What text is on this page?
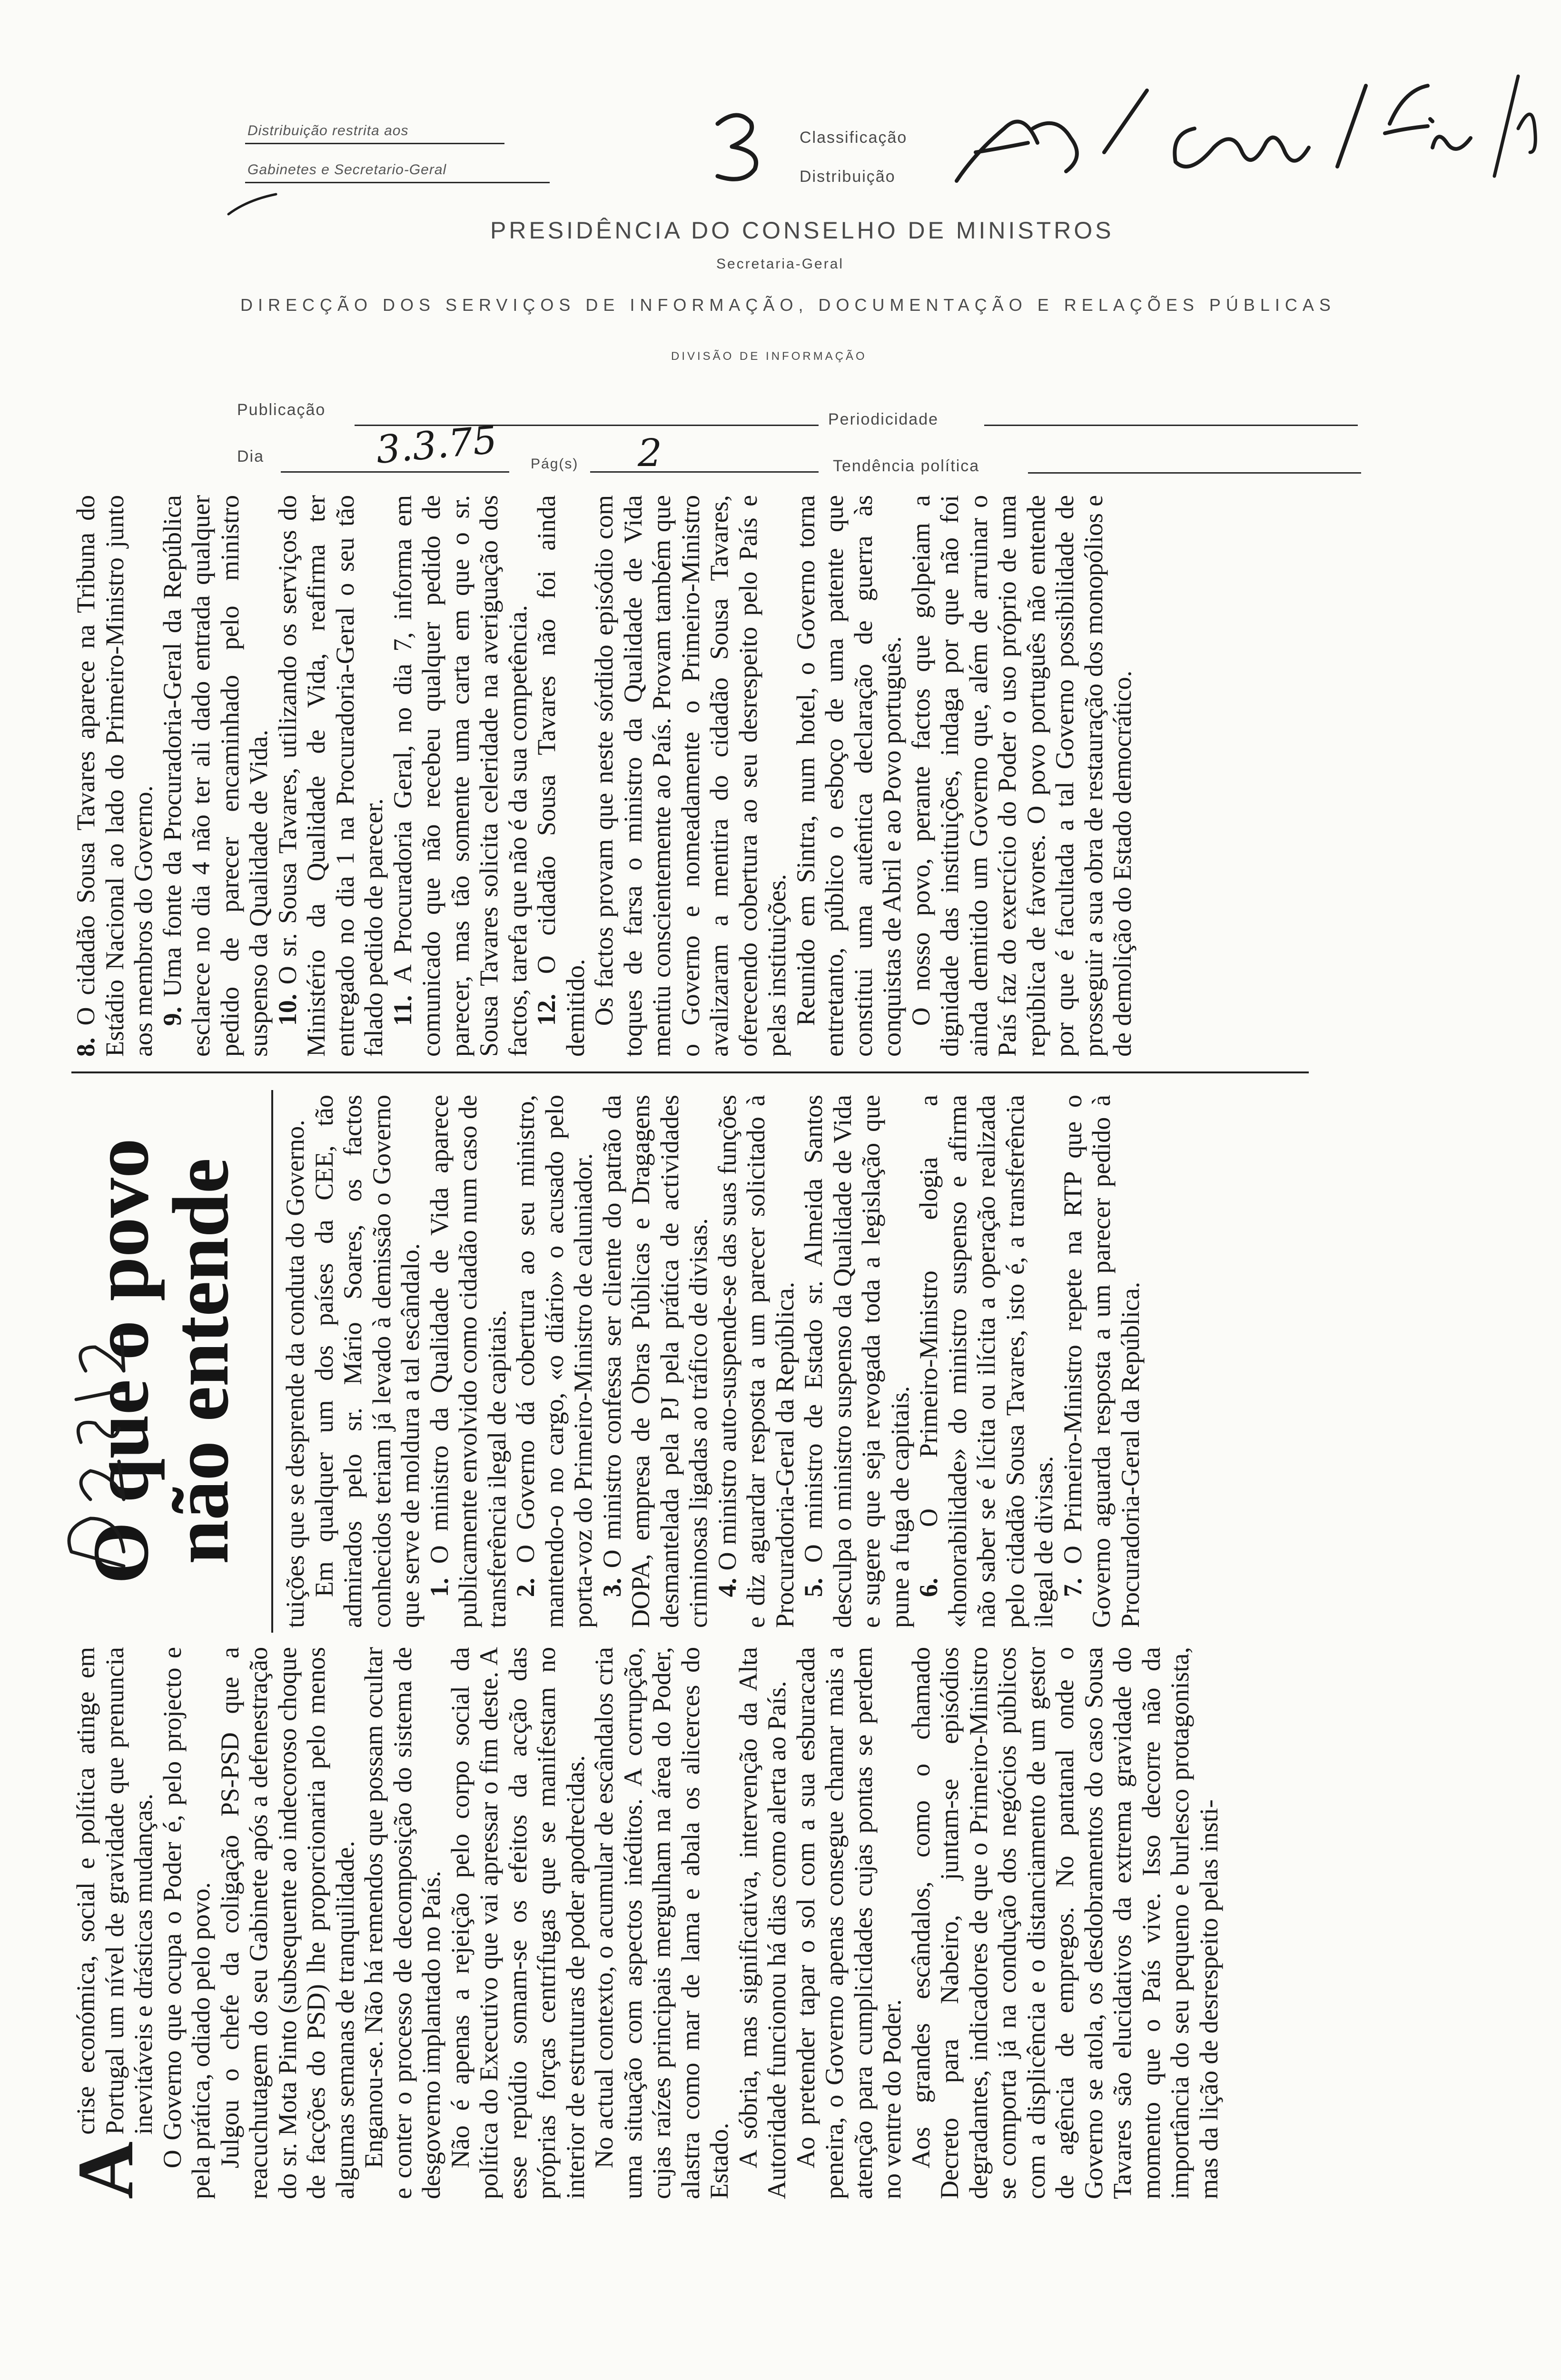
Distribuição restrita aos
Gabinetes e Secretario-Geral
Classificação
Distribuição
PRESIDÊNCIA DO CONSELHO DE MINISTROS
Secretaria-Geral
DIRECÇÃO DOS SERVIÇOS DE INFORMAÇÃO, DOCUMENTAÇÃO E RELAÇÕES PÚBLICAS
DIVISÃO DE INFORMAÇÃO
Publicação
Periodicidade
Dia	3.3.75 Pág(s) 2	Tendência política

A
crise económica, social e política atinge em Portugal um nível de gravidade que prenuncia inevitáveis e drásticas mudanças. O Governo que ocupa o Poder é, pelo projecto e pela prática, odiado pelo povo. Julgou o chefe da coligação PS-PSD que a reacuchutagem do seu Gabinete após a defenestração do sr. Mota Pinto (subsequente ao indecoroso choque de facções do PSD) lhe proporcionaria pelo menos algumas semanas de tranquilidade. Enganou-se. Não há remendos que possam ocultar e conter o processo de decomposição do sistema de desgoverno implantado no País. Não é apenas a rejeição pelo corpo social da política do Executivo que vai apressar o fim deste. A esse repúdio somam-se os efeitos da acção das próprias forças centrífugas que se manifestam no interior de estruturas de poder apodrecidas. No actual contexto, o acumular de escândalos cria uma situação com aspectos inéditos. A corrupção, cujas raízes principais mergulham na área do Poder, alastra como mar de lama e abala os alicerces do Estado. A sóbria, mas significativa, intervenção da Alta Autoridade funcionou há dias como alerta ao País. Ao pretender tapar o sol com a sua esburacada peneira, o Governo apenas consegue chamar mais a atenção para cumplicidades cujas pontas se perdem no ventre do Poder. Aos grandes escândalos, como o chamado Decreto para Nabeiro, juntam-se episódios degradantes, indicadores de que o Primeiro-Ministro se comporta já na condução dos negócios públicos com a displicência e o distanciamento de um gestor de agência de empregos. No pantanal onde o Governo se atola, os desdobramentos do caso Sousa Tavares são elucidativos da extrema gravidade do momento que o País vive. Isso decorre não da importância do seu pequeno e burlesco protagonista, mas da lição de desrespeito pelas insti-

O que o povo
não entende tuições que se desprende da conduta do Governo. Em qualquer um dos países da CEE, tão admirados pelo sr. Mário Soares, os factos conhecidos teriam já levado à demissão o Governo que serve de moldura a tal escândalo. 1. O ministro da Qualidade de Vida aparece publicamente envolvido como cidadão num caso de transferência ilegal de capitais. 2. O Governo dá cobertura ao seu ministro, mantendo-o no cargo, «o diário» o acusado pelo porta-voz do Primeiro-Ministro de caluniador. 3. O ministro confessa ser cliente do patrão da DOPA, empresa de Obras Públicas e Dragagens desmantelada pela PJ pela prática de actividades criminosas ligadas ao tráfico de divisas. 4. O ministro auto-suspende-se das suas funções e diz aguardar resposta a um parecer solicitado à Procuradoria-Geral da República. 5. O ministro de Estado sr. Almeida Santos desculpa o ministro suspenso da Qualidade de Vida e sugere que seja revogada toda a legislação que pune a fuga de capitais. 6. O Primeiro-Ministro elogia a «honorabilidade» do ministro suspenso e afirma não saber se é lícita ou ilícita a operação realizada pelo cidadão Sousa Tavares, isto é, a transferência ilegal de divisas. 7. O Primeiro-Ministro repete na RTP que o Governo aguarda resposta a um parecer pedido à Procuradoria-Geral da República.

8. O cidadão Sousa Tavares aparece na Tribuna do Estádio Nacional ao lado do Primeiro-Ministro junto aos membros do Governo. 9. Uma fonte da Procuradoria-Geral da República esclarece no dia 4 não ter ali dado entrada qualquer pedido de parecer encaminhado pelo ministro suspenso da Qualidade de Vida. 10. O sr. Sousa Tavares, utilizando os serviços do Ministério da Qualidade de Vida, reafirma ter entregado no dia 1 na Procuradoria-Geral o seu tão falado pedido de parecer. 11. A Procuradoria Geral, no dia 7, informa em comunicado que não recebeu qualquer pedido de parecer, mas tão somente uma carta em que o sr. Sousa Tavares solicita celeridade na averiguação dos factos, tarefa que não é da sua competência. 12. O cidadão Sousa Tavares não foi ainda demitido. Os factos provam que neste sórdido episódio com toques de farsa o ministro da Qualidade de Vida mentiu conscientemente ao País. Provam também que o Governo e nomeadamente o Primeiro-Ministro avalizaram a mentira do cidadão Sousa Tavares, oferecendo cobertura ao seu desrespeito pelo País e pelas instituições. Reunido em Sintra, num hotel, o Governo torna entretanto, público o esboço de uma patente que constitui uma autêntica declaração de guerra às conquistas de Abril e ao Povo português. O nosso povo, perante factos que golpeiam a dignidade das instituições, indaga por que não foi ainda demitido um Governo que, além de arruinar o País faz do exercício do Poder o uso próprio de uma república de favores. O povo português não entende por que é facultada a tal Governo possibilidade de prosseguir a sua obra de restauração dos monopólios e de demolição do Estado democrático.
